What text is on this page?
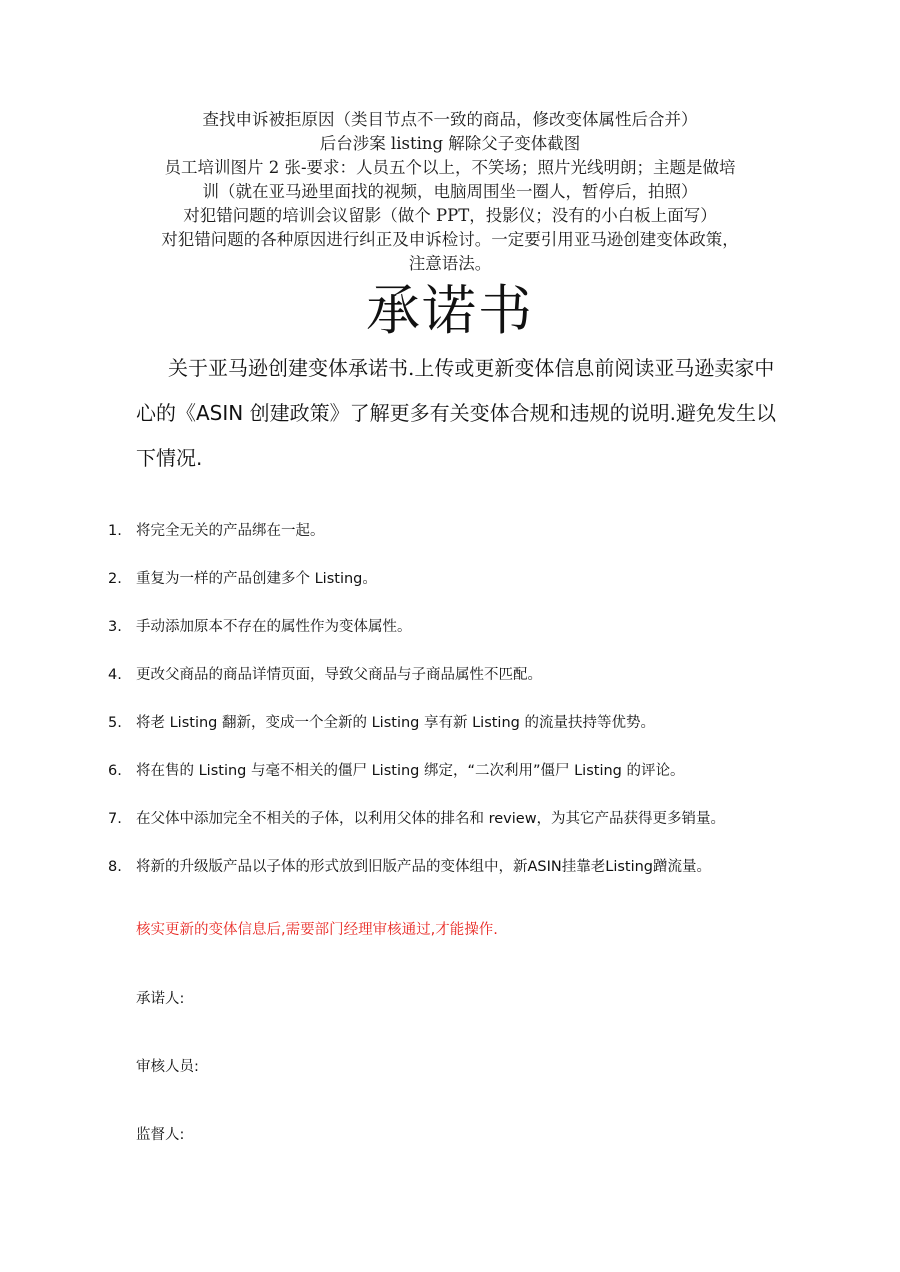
查找申诉被拒原因（类目节点不一致的商品，修改变体属性后合并）

后台涉案 listing 解除父子变体截图

员工培训图片 2 张-要求：人员五个以上，不笑场；照片光线明朗；主题是做培

训（就在亚马逊里面找的视频，电脑周围坐一圈人，暂停后，拍照）

对犯错问题的培训会议留影（做个 PPT，投影仪；没有的小白板上面写）

对犯错问题的各种原因进行纠正及申诉检讨。一定要引用亚马逊创建变体政策，

注意语法。

承诺书
关于亚马逊创建变体承诺书.上传或更新变体信息前阅读亚马逊卖家中心的《ASIN 创建政策》了解更多有关变体合规和违规的说明.避免发生以下情况.
1. 将完全无关的产品绑在一起。
2. 重复为一样的产品创建多个 Listing。
3. 手动添加原本不存在的属性作为变体属性。
4. 更改父商品的商品详情页面，导致父商品与子商品属性不匹配。
5. 将老 Listing 翻新，变成一个全新的 Listing 享有新 Listing 的流量扶持等优势。
6. 将在售的 Listing 与毫不相关的僵尸 Listing 绑定，“二次利用”僵尸 Listing 的评论。
7. 在父体中添加完全不相关的子体，以利用父体的排名和 review，为其它产品获得更多销量。
8. 将新的升级版产品以子体的形式放到旧版产品的变体组中，新ASIN挂靠老Listing蹭流量。
核实更新的变体信息后,需要部门经理审核通过,才能操作.
承诺人:
审核人员:
监督人:
